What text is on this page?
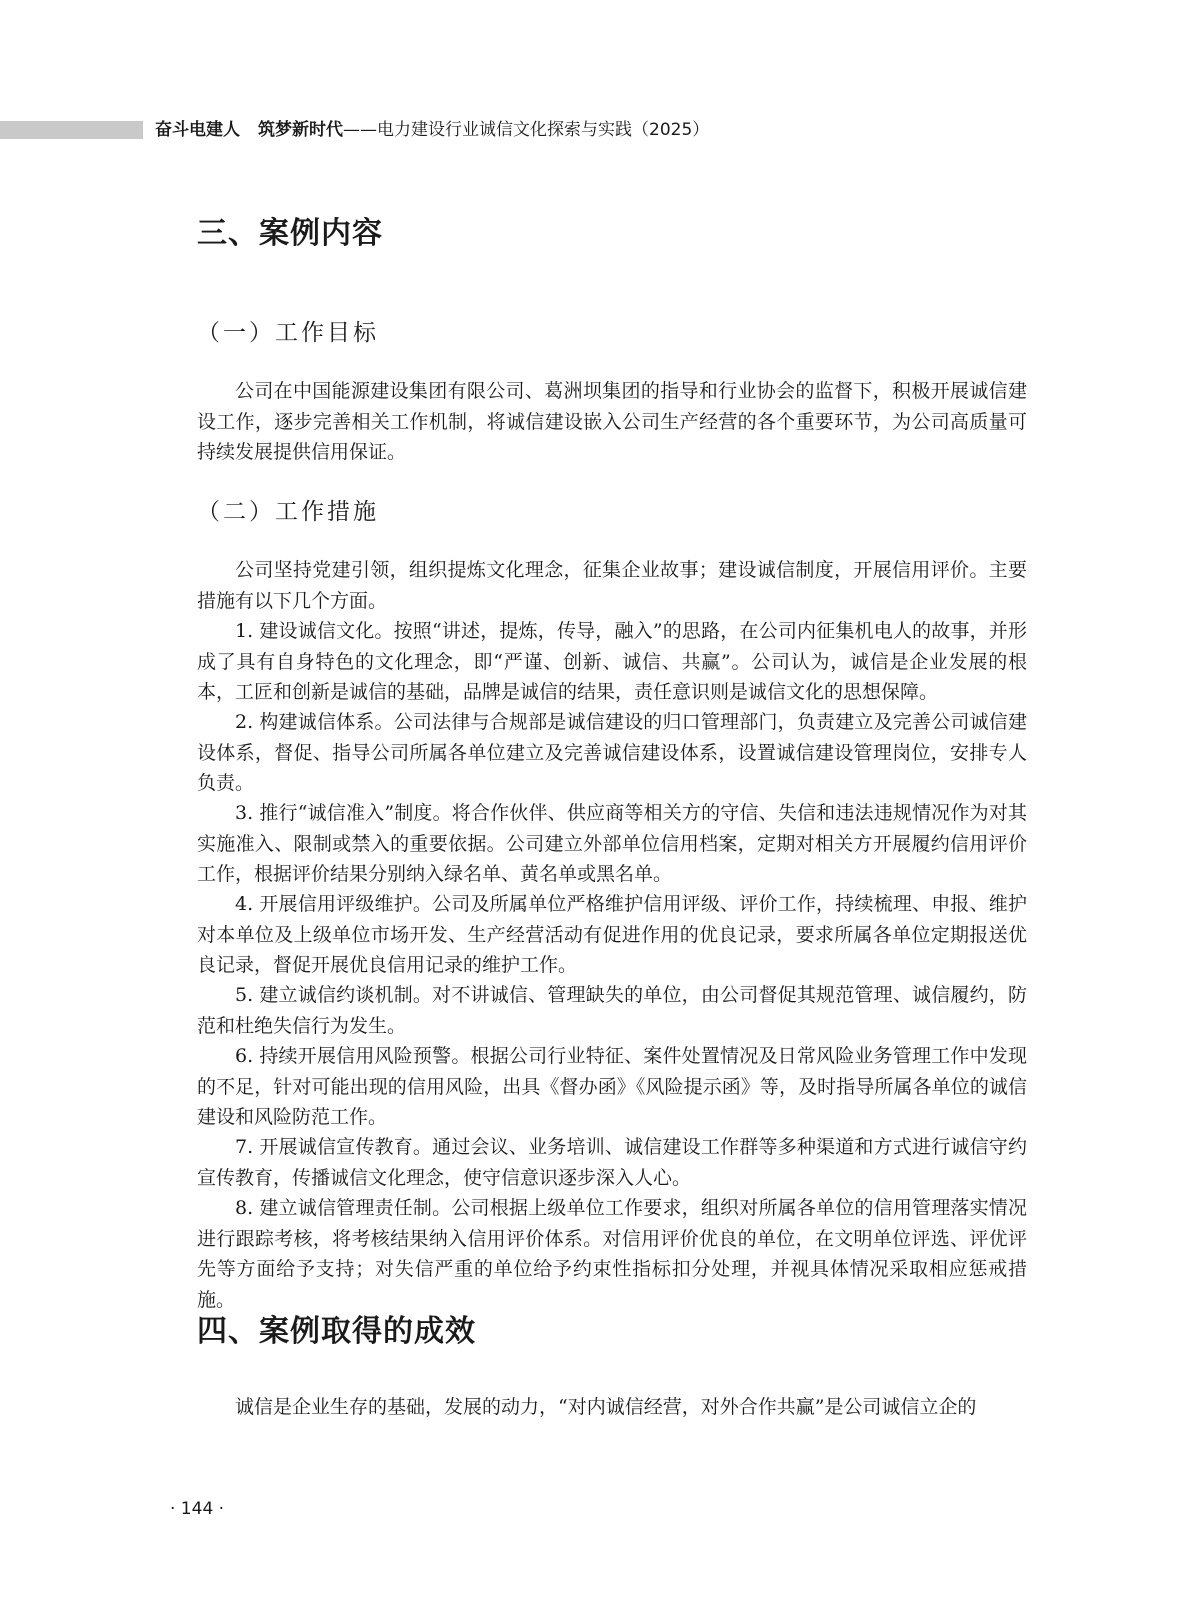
奋斗电建人 筑梦新时代——电力建设行业诚信文化探索与实践（2025）
三、案例内容
（一）工作目标

公司在中国能源建设集团有限公司、葛洲坝集团的指导和行业协会的监督下，积极开展诚信建设工作，逐步完善相关工作机制，将诚信建设嵌入公司生产经营的各个重要环节，为公司高质量可持续发展提供信用保证。

（二）工作措施

公司坚持党建引领，组织提炼文化理念，征集企业故事；建设诚信制度，开展信用评价。主要措施有以下几个方面。

1. 建设诚信文化。按照“讲述，提炼，传导，融入”的思路，在公司内征集机电人的故事，并形成了具有自身特色的文化理念，即“严谨、创新、诚信、共赢”。公司认为，诚信是企业发展的根本，工匠和创新是诚信的基础，品牌是诚信的结果，责任意识则是诚信文化的思想保障。

2. 构建诚信体系。公司法律与合规部是诚信建设的归口管理部门，负责建立及完善公司诚信建设体系，督促、指导公司所属各单位建立及完善诚信建设体系，设置诚信建设管理岗位，安排专人负责。

3. 推行“诚信准入”制度。将合作伙伴、供应商等相关方的守信、失信和违法违规情况作为对其实施准入、限制或禁入的重要依据。公司建立外部单位信用档案，定期对相关方开展履约信用评价工作，根据评价结果分别纳入绿名单、黄名单或黑名单。

4. 开展信用评级维护。公司及所属单位严格维护信用评级、评价工作，持续梳理、申报、维护对本单位及上级单位市场开发、生产经营活动有促进作用的优良记录，要求所属各单位定期报送优良记录，督促开展优良信用记录的维护工作。

5. 建立诚信约谈机制。对不讲诚信、管理缺失的单位，由公司督促其规范管理、诚信履约，防范和杜绝失信行为发生。

6. 持续开展信用风险预警。根据公司行业特征、案件处置情况及日常风险业务管理工作中发现的不足，针对可能出现的信用风险，出具《督办函》《风险提示函》等，及时指导所属各单位的诚信建设和风险防范工作。

7. 开展诚信宣传教育。通过会议、业务培训、诚信建设工作群等多种渠道和方式进行诚信守约宣传教育，传播诚信文化理念，使守信意识逐步深入人心。

8. 建立诚信管理责任制。公司根据上级单位工作要求，组织对所属各单位的信用管理落实情况进行跟踪考核，将考核结果纳入信用评价体系。对信用评价优良的单位，在文明单位评选、评优评先等方面给予支持；对失信严重的单位给予约束性指标扣分处理，并视具体情况采取相应惩戒措施。

四、案例取得的成效

诚信是企业生存的基础，发展的动力，“对内诚信经营，对外合作共赢”是公司诚信立企的

· 144 ·
